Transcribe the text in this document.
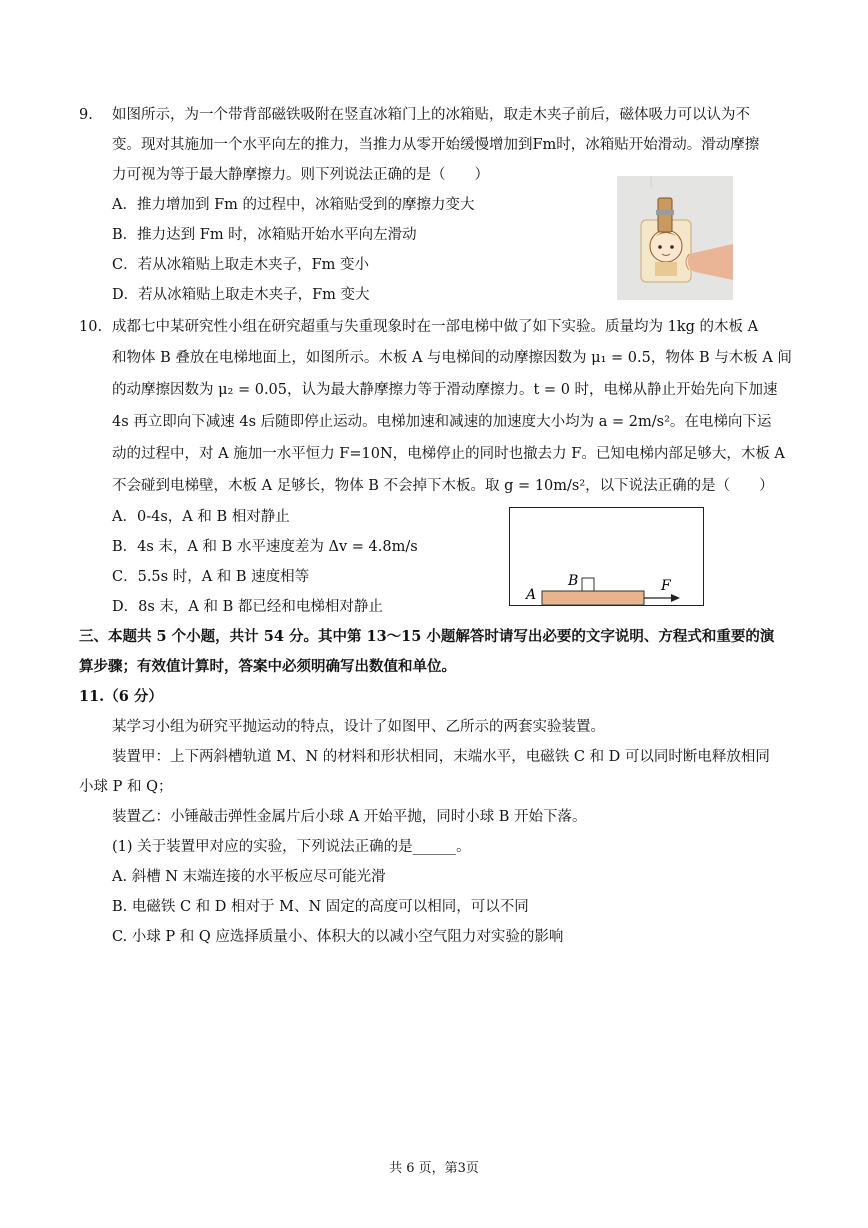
9. 如图所示，为一个带背部磁铁吸附在竖直冰箱门上的冰箱贴，取走木夹子前后，磁体吸力可以认为不
变。现对其施加一个水平向左的推力，当推力从零开始缓慢增加到Fm时，冰箱贴开始滑动。滑动摩擦
力可视为等于最大静摩擦力。则下列说法正确的是（　　）
A．推力增加到 Fm 的过程中，冰箱贴受到的摩擦力变大
B．推力达到 Fm 时，冰箱贴开始水平向左滑动
C．若从冰箱贴上取走木夹子，Fm 变小
D．若从冰箱贴上取走木夹子，Fm 变大
10. 成都七中某研究性小组在研究超重与失重现象时在一部电梯中做了如下实验。质量均为 1kg 的木板 A
和物体 B 叠放在电梯地面上，如图所示。木板 A 与电梯间的动摩擦因数为 μ₁ = 0.5，物体 B 与木板 A 间
的动摩擦因数为 μ₂ = 0.05，认为最大静摩擦力等于滑动摩擦力。t = 0 时，电梯从静止开始先向下加速
4s 再立即向下减速 4s 后随即停止运动。电梯加速和减速的加速度大小均为 a = 2m/s²。在电梯向下运
动的过程中，对 A 施加一水平恒力 F=10N，电梯停止的同时也撤去力 F。已知电梯内部足够大，木板 A
不会碰到电梯壁，木板 A 足够长，物体 B 不会掉下木板。取 g = 10m/s²，以下说法正确的是（　　）
A．0-4s，A 和 B 相对静止
B．4s 末，A 和 B 水平速度差为 Δv = 4.8m/s
C．5.5s 时，A 和 B 速度相等
D．8s 末，A 和 B 都已经和电梯相对静止
A
B	F
三、本题共 5 个小题，共计 54 分。其中第 13～15 小题解答时请写出必要的文字说明、方程式和重要的演
算步骤；有效值计算时，答案中必须明确写出数值和单位。
11.（6 分）
某学习小组为研究平抛运动的特点，设计了如图甲、乙所示的两套实验装置。
装置甲：上下两斜槽轨道 M、N 的材料和形状相同，末端水平，电磁铁 C 和 D 可以同时断电释放相同
小球 P 和 Q；
装置乙：小锤敲击弹性金属片后小球 A 开始平抛，同时小球 B 开始下落。
(1) 关于装置甲对应的实验，下列说法正确的是______。
A. 斜槽 N 末端连接的水平板应尽可能光滑
B. 电磁铁 C 和 D 相对于 M、N 固定的高度可以相同，可以不同
C. 小球 P 和 Q 应选择质量小、体积大的以减小空气阻力对实验的影响
共 6 页，第3页
